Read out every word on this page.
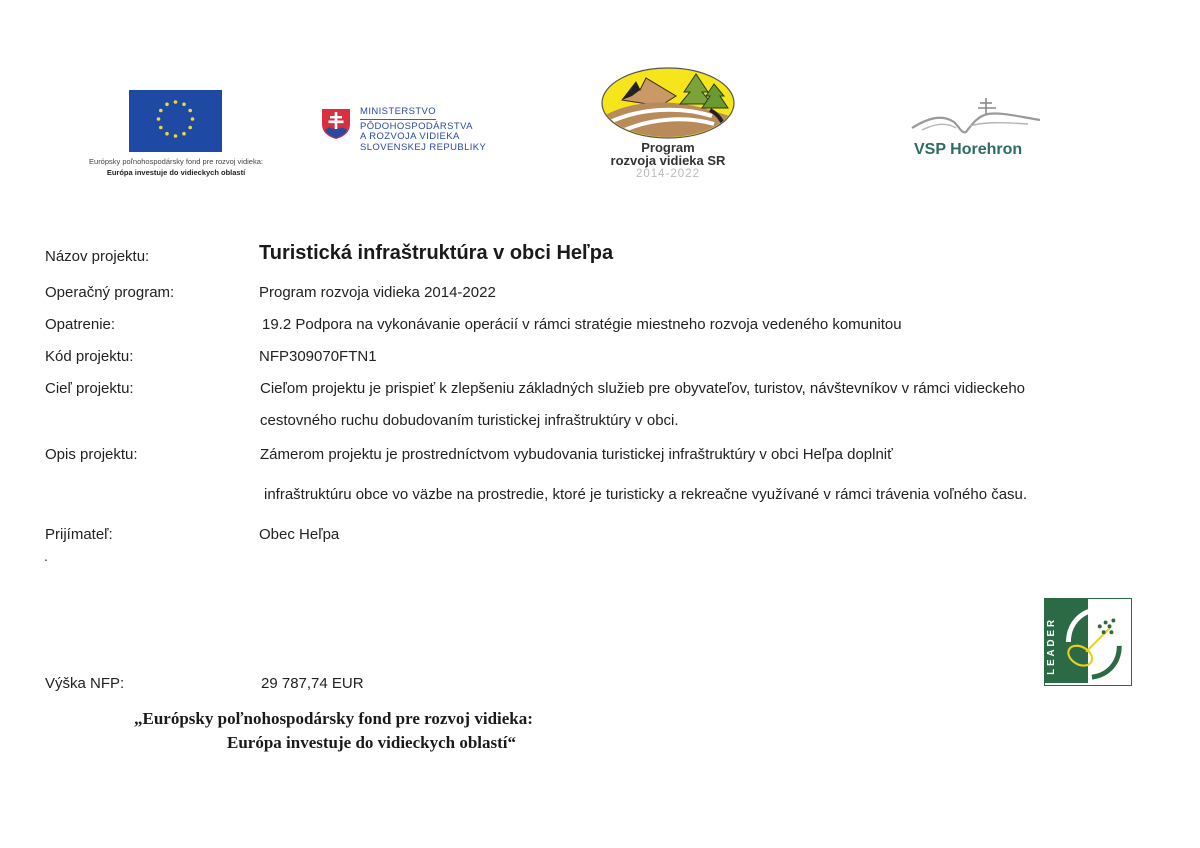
Európsky poľnohospodársky fond pre rozvoj vidieka:
Európa investuje do vidieckych oblastí
MINISTERSTVO
PÔDOHOSPODÁRSTVA
A ROZVOJA VIDIEKA
SLOVENSKEJ REPUBLIKY	Program
rozvoja vidieka SR
2014-2022
VSP Horehron
Názov projektu:	Turistická infraštruktúra v obci Heľpa
Operačný program:	Program rozvoja vidieka 2014-2022
Opatrenie:	19.2 Podpora na vykonávanie operácií v rámci stratégie miestneho rozvoja vedeného komunitou
Kód projektu:	NFP309070FTN1
Cieľ projektu:	Cieľom projektu je prispieť k zlepšeniu základných služieb pre obyvateľov, turistov, návštevníkov v rámci vidieckeho
cestovného ruchu dobudovaním turistickej infraštruktúry v obci.
Opis projektu:	Zámerom projektu je prostredníctvom vybudovania turistickej infraštruktúry v obci Heľpa doplniť
infraštruktúru obce vo väzbe na prostredie, ktoré je turisticky a rekreačne využívané v rámci trávenia voľného času.
Prijímateľ:	Obec Heľpa
.
LEADER
Výška NFP:	29 787,74 EUR
„Európsky poľnohospodársky fond pre rozvoj vidieka:
Európa investuje do vidieckych oblastí“
